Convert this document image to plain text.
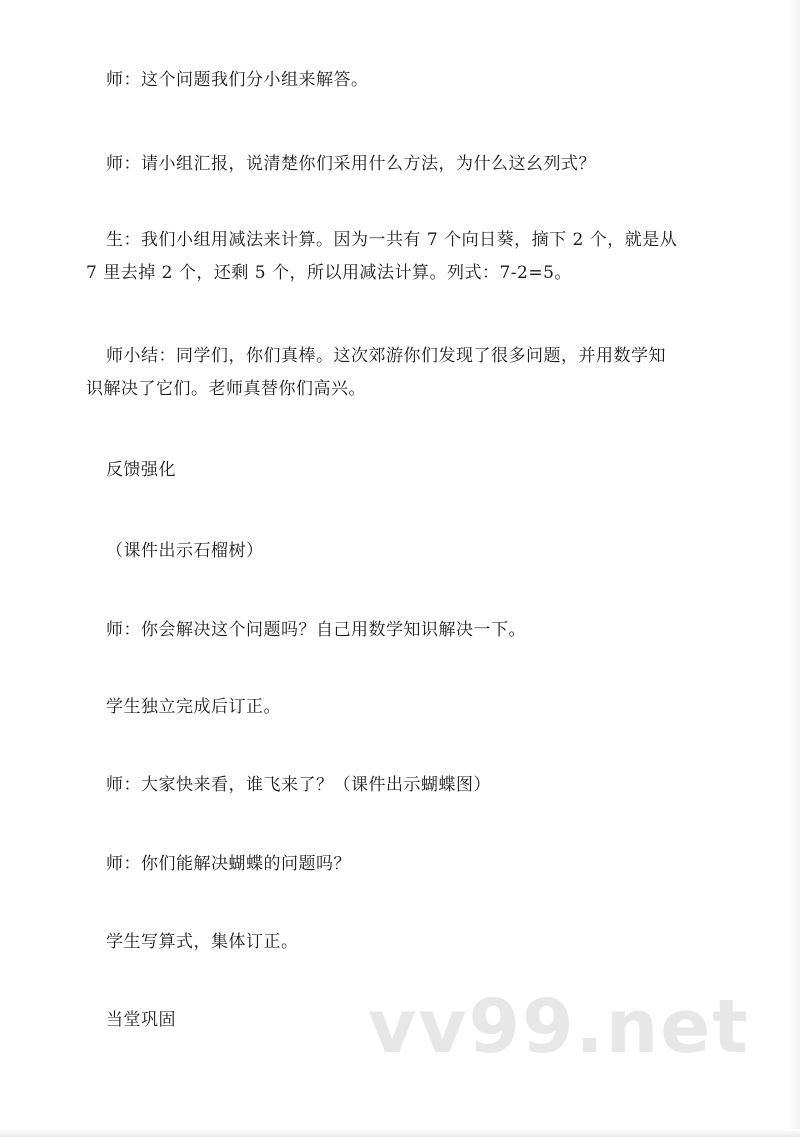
师：这个问题我们分小组来解答。

师：请小组汇报，说清楚你们采用什么方法，为什么这幺列式？

生：我们小组用减法来计算。因为一共有 7 个向日葵，摘下 2 个，就是从
7 里去掉 2 个，还剩 5 个，所以用减法计算。列式：7-2=5。

师小结：同学们，你们真棒。这次郊游你们发现了很多问题，并用数学知
识解决了它们。老师真替你们高兴。

反馈强化

（课件出示石榴树）

师：你会解决这个问题吗？自己用数学知识解决一下。

学生独立完成后订正。

师：大家快来看，谁飞来了？（课件出示蝴蝶图）

师：你们能解决蝴蝶的问题吗？

学生写算式，集体订正。

当堂巩固	vv99.net
